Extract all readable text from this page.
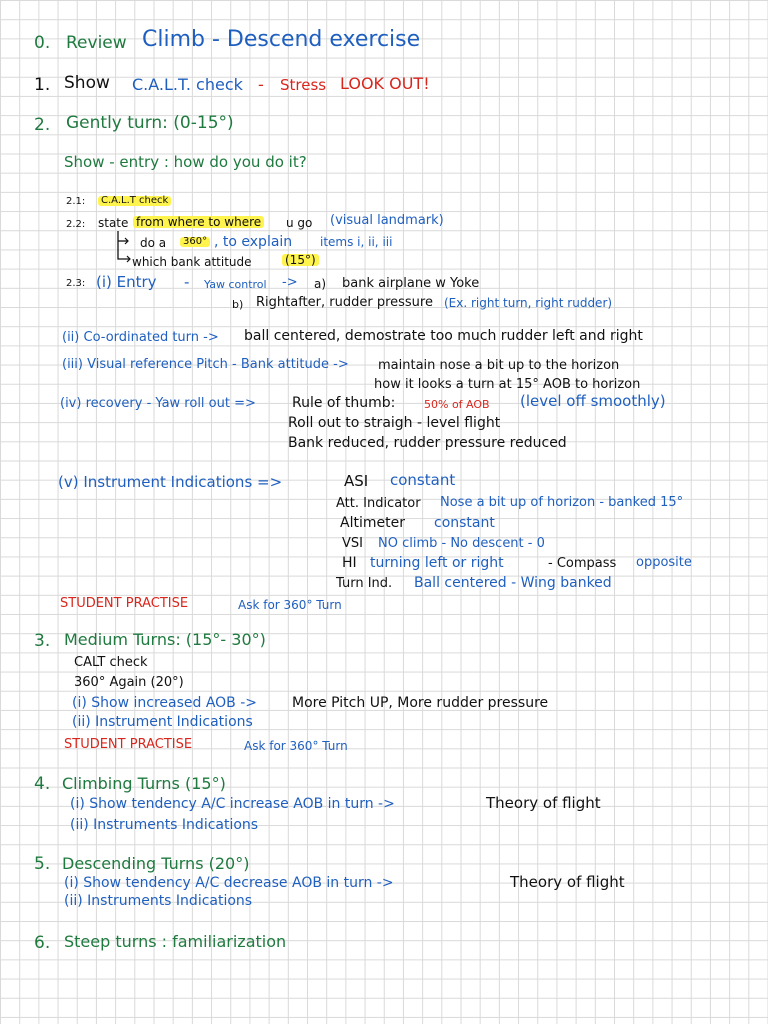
0. Review Climb - Descend exercise
1. Show C.A.L.T. check - Stress LOOK OUT!
2. Gently turn: (0-15°)
Show - entry : how do you do it?
2.1:	C.A.L.T check
2.2: state from where to where u go (visual landmark)
do a	360° , to explain items i, ii, iii
which bank attitude	(15°)
2.3: (i) Entry - Yaw control -> a) bank airplane w Yoke
b) Rightafter, rudder pressure (Ex. right turn, right rudder)
(ii) Co-ordinated turn -> ball centered, demostrate too much rudder left and right
(iii) Visual reference Pitch - Bank attitude -> maintain nose a bit up to the horizon
how it looks a turn at 15° AOB to horizon
(iv) recovery - Yaw roll out =>	Rule of thumb:	50% of AOB (level off smoothly)
Roll out to straigh - level flight
Bank reduced, rudder pressure reduced
(v) Instrument Indications =>	ASI constant
Att. Indicator Nose a bit up of horizon - banked 15°
Altimeter constant
VSI NO climb - No descent - 0
HI turning left or right	- Compass opposite
Turn Ind. Ball centered - Wing banked
STUDENT PRACTISE	Ask for 360° Turn
3. Medium Turns: (15°- 30°)
CALT check
360° Again (20°)
(i) Show increased AOB -> More Pitch UP, More rudder pressure
(ii) Instrument Indications
STUDENT PRACTISE	Ask for 360° Turn
4. Climbing Turns (15°)
(i) Show tendency A/C increase AOB in turn ->	Theory of flight
(ii) Instruments Indications
5. Descending Turns (20°)
(i) Show tendency A/C decrease AOB in turn ->	Theory of flight
(ii) Instruments Indications
6. Steep turns : familiarization
